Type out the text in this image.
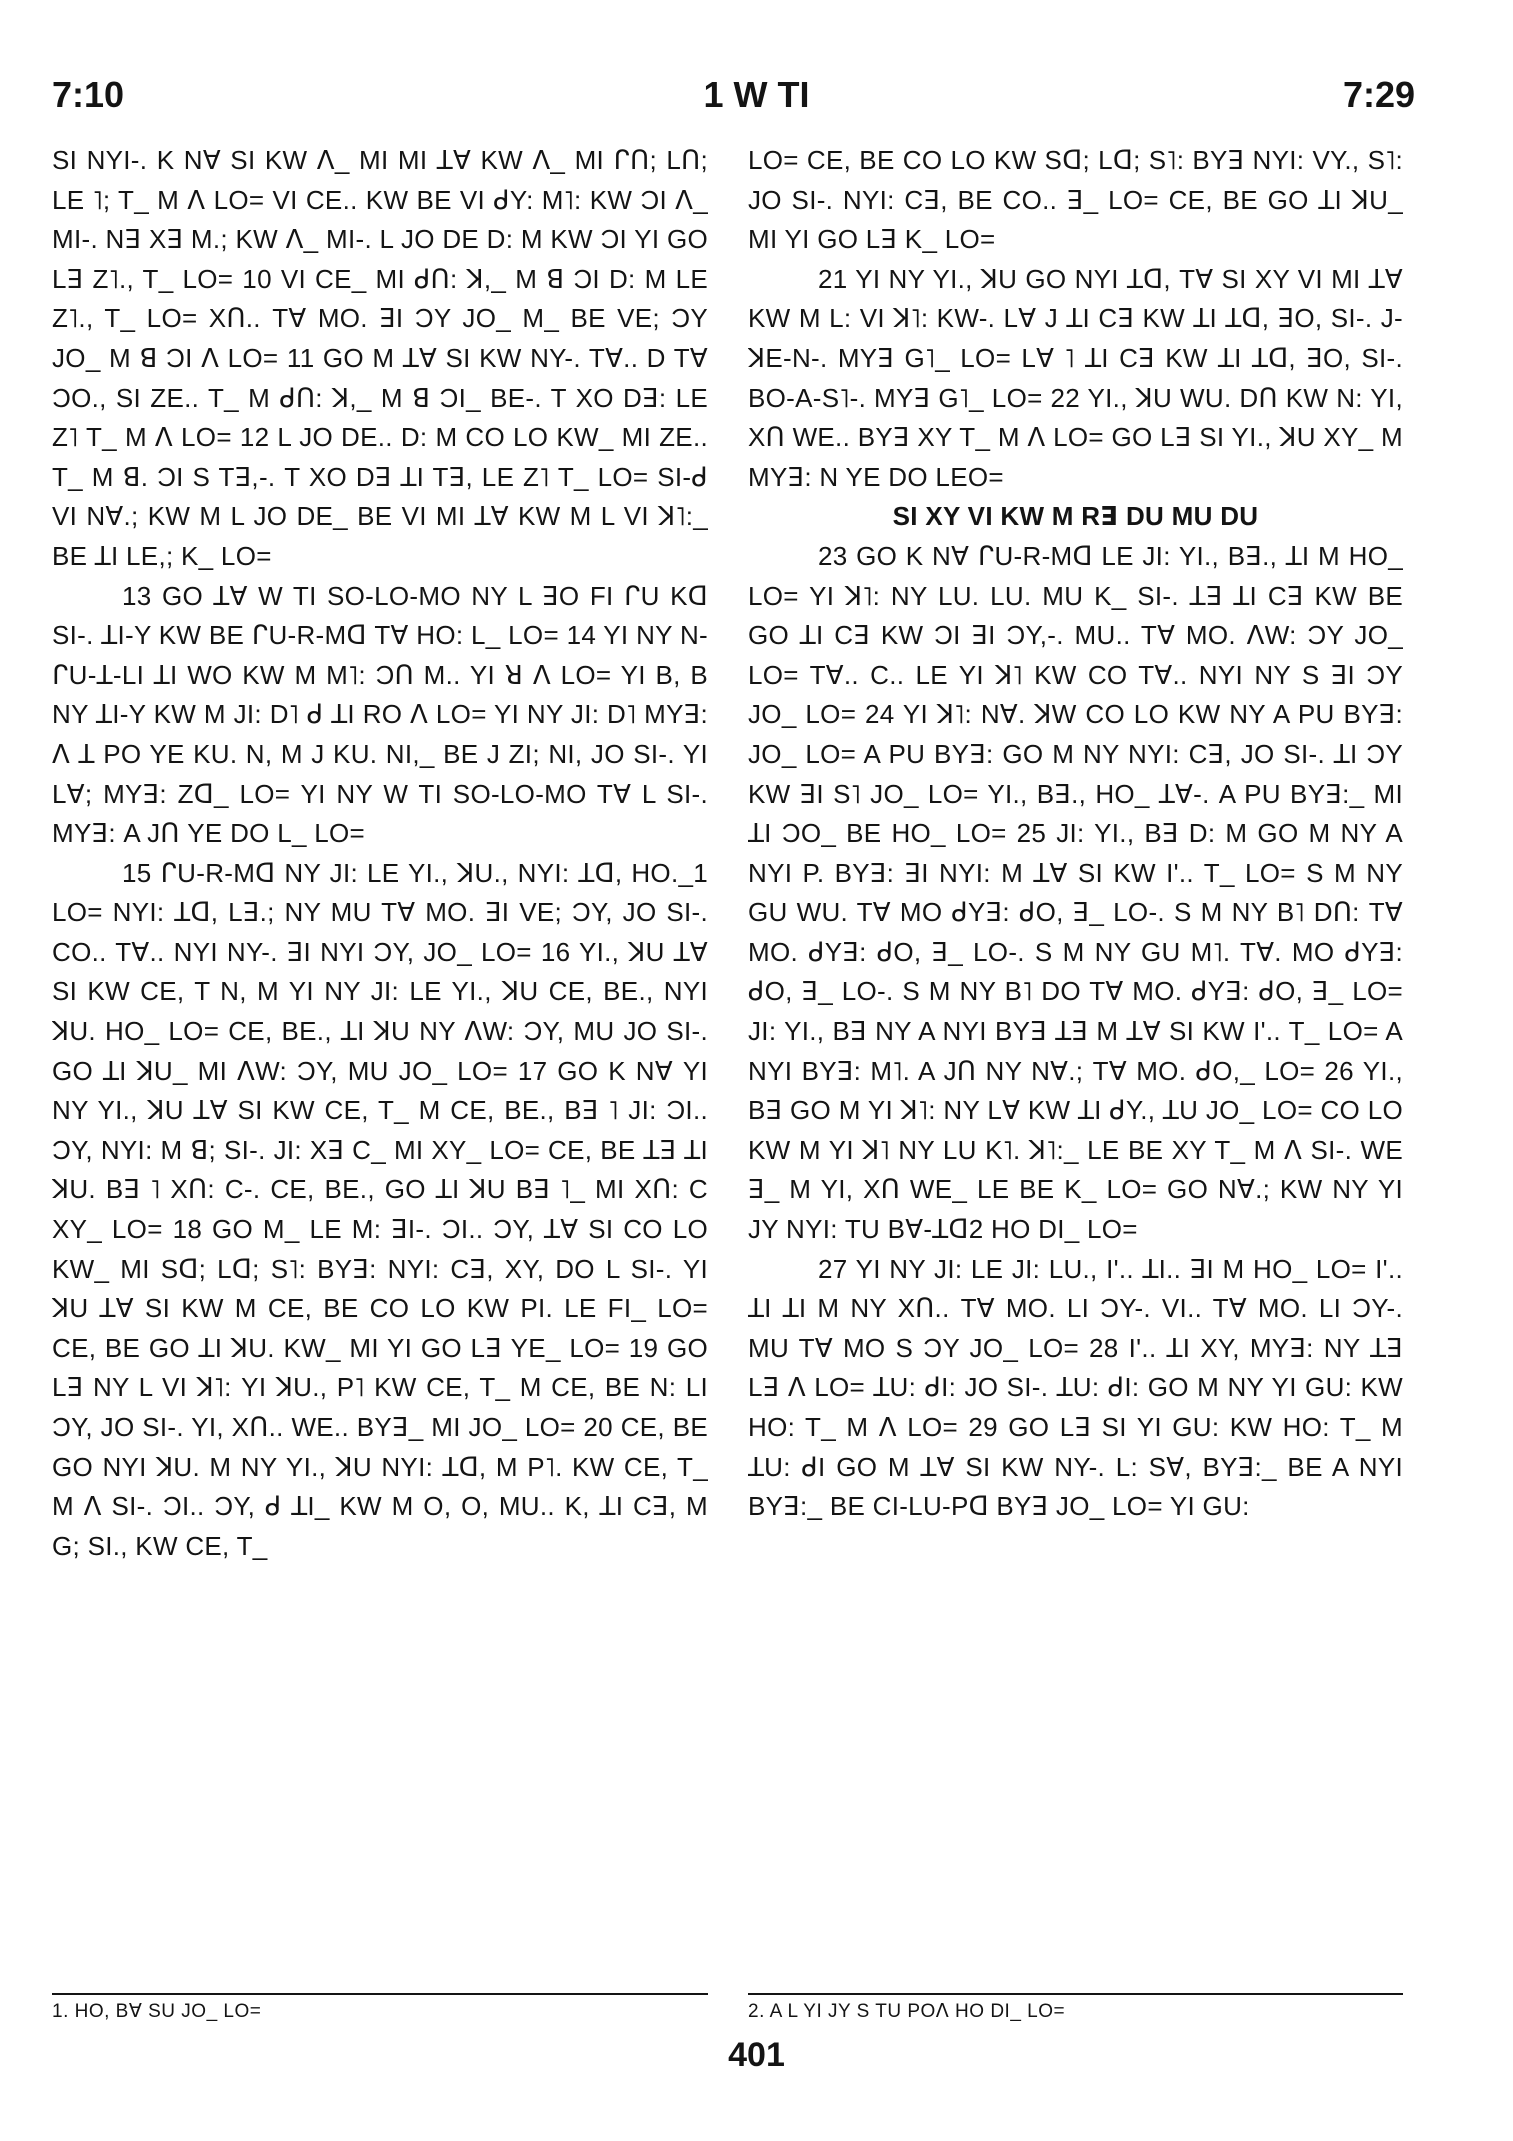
7:10	1 W TI	7:29

SI NYI-. K Nꓯ SI KW ꓥ_ MI MI ꓕꓯ KW ꓥ_ MI ᒋᑎ; Lᑎ; LE ˥; T_ M ꓥ LO= VI CE.. KW BE VI ᑯY: M˥: KW ƆI ꓥ_ MI-. Nꓱ Xꓱ M.; KW ꓥ_ MI-. L JO DE D: M KW ƆI YI GO Lꓱ Z˥., T_ LO= 10 VI CE_ MI ᑯᑎ: ꓘ,_ M ꓭ ƆI D: M LE Z˥., T_ LO= Xᑎ.. Tꓯ MO. ꓱI ƆY JO_ M_ BE VE; ƆY JO_ M ꓭ ƆI ꓥ LO= 11 GO M ꓕꓯ SI KW NY-. Tꓯ.. D Tꓯ ƆO., SI ZE.. T_ M ᑯᑎ: ꓘ,_ M ꓭ ƆI_ BE-. T XO Dꓱ: LE Z˥ T_ M ꓥ LO= 12 L JO DE.. D: M CO LO KW_ MI ZE.. T_ M ꓭ. ƆI S Tꓱ,-. T XO Dꓱ ꓕI Tꓱ, LE Z˥ T_ LO= SI-ᑯ VI Nꓯ.; KW M L JO DE_ BE VI MI ꓕꓯ KW M L VI ꓘ˥:_ BE ꓕI LE,; K_ LO=

13 GO ꓕꓯ W TI SO-LO-MO NY L ꓱO FI ᒋU Kᗡ SI-. ꓕI-Y KW BE ᒋU-R-Mᗡ Tꓯ HO: L_ LO= 14 YI NY N-ᒋU-ꓕ-LI ꓕI WO KW M M˥: Ɔᑎ M.. YI ꓤ ꓥ LO= YI B, B NY ꓕI-Y KW M JI: D˥ ᑯ ꓕI RO ꓥ LO= YI NY JI: D˥ MYꓱ: ꓥ ꓕ PO YE KU. N, M J KU. NI,_ BE J ZI; NI, JO SI-. YI Lꓯ; MYꓱ: Zᗡ_ LO= YI NY W TI SO-LO-MO Tꓯ L SI-. MYꓱ: A Jᑎ YE DO L_ LO=

15 ᒋU-R-Mᗡ NY JI: LE YI., ꓘU., NYI: ꓕᗡ, HO._1 LO= NYI: ꓕᗡ, Lꓱ.; NY MU Tꓯ MO. ꓱI VE; ƆY, JO SI-. CO.. Tꓯ.. NYI NY-. ꓱI NYI ƆY, JO_ LO= 16 YI., ꓘU ꓕꓯ SI KW CE, T N, M YI NY JI: LE YI., ꓘU CE, BE., NYI ꓘU. HO_ LO= CE, BE., ꓕI ꓘU NY ꓥW: ƆY, MU JO SI-. GO ꓕI ꓘU_ MI ꓥW: ƆY, MU JO_ LO= 17 GO K Nꓯ YI NY YI., ꓘU ꓕꓯ SI KW CE, T_ M CE, BE., Bꓱ ˥ JI: ƆI.. ƆY, NYI: M ꓭ; SI-. JI: Xꓱ C_ MI XY_ LO= CE, BE ꓕꓱ ꓕI ꓘU. Bꓱ ˥ Xᑎ: C-. CE, BE., GO ꓕI ꓘU Bꓱ ˥_ MI Xᑎ: C XY_ LO= 18 GO M_ LE M: ꓱI-. ƆI.. ƆY, ꓕꓯ SI CO LO KW_ MI Sᗡ; Lᗡ; S˥: BYꓱ: NYI: Cꓱ, XY, DO L SI-. YI ꓘU ꓕꓯ SI KW M CE, BE CO LO KW PI. LE FI_ LO= CE, BE GO ꓕI ꓘU. KW_ MI YI GO Lꓱ YE_ LO= 19 GO Lꓱ NY L VI ꓘ˥: YI ꓘU., P˥ KW CE, T_ M CE, BE N: LI ƆY, JO SI-. YI, Xᑎ.. WE.. BYꓱ_ MI JO_ LO= 20 CE, BE GO NYI ꓘU. M NY YI., ꓘU NYI: ꓕᗡ, M P˥. KW CE, T_ M ꓥ SI-. ƆI.. ƆY, ᑯ ꓕI_ KW M O, O, MU.. K, ꓕI Cꓱ, M G; SI., KW CE, T_

LO= CE, BE CO LO KW Sᗡ; Lᗡ; S˥: BYꓱ NYI: VY., S˥: JO SI-. NYI: Cꓱ, BE CO.. ꓱ_ LO= CE, BE GO ꓕI ꓘU_ MI YI GO Lꓱ K_ LO=

21 YI NY YI., ꓘU GO NYI ꓕᗡ, Tꓯ SI XY VI MI ꓕꓯ KW M L: VI ꓘ˥: KW-. Lꓯ J ꓕI Cꓱ KW ꓕI ꓕᗡ, ꓱO, SI-. J-ꓘE-N-. MYꓱ G˥_ LO= Lꓯ ˥ ꓕI Cꓱ KW ꓕI ꓕᗡ, ꓱO, SI-. BO-A-S˥-. MYꓱ G˥_ LO= 22 YI., ꓘU WU. Dᑎ KW N: YI, Xᑎ WE.. BYꓱ XY T_ M ꓥ LO= GO Lꓱ SI YI., ꓘU XY_ M MYꓱ: N YE DO LEO=

SI XY VI KW M Rꓱ DU MU DU

23 GO K Nꓯ ᒋU-R-Mᗡ LE JI: YI., Bꓱ., ꓕI M HO_ LO= YI ꓘ˥: NY LU. LU. MU K_ SI-. ꓕꓱ ꓕI Cꓱ KW BE GO ꓕI Cꓱ KW ƆI ꓱI ƆY,-. MU.. Tꓯ MO. ꓥW: ƆY JO_ LO= Tꓯ.. C.. LE YI ꓘ˥ KW CO Tꓯ.. NYI NY S ꓱI ƆY JO_ LO= 24 YI ꓘ˥: Nꓯ. ꓘW CO LO KW NY A PU BYꓱ: JO_ LO= A PU BYꓱ: GO M NY NYI: Cꓱ, JO SI-. ꓕI ƆY KW ꓱI S˥ JO_ LO= YI., Bꓱ., HO_ ꓕꓯ-. A PU BYꓱ:_ MI ꓕI ƆO_ BE HO_ LO= 25 JI: YI., Bꓱ D: M GO M NY A NYI P. BYꓱ: ꓱI NYI: M ꓕꓯ SI KW I'.. T_ LO= S M NY GU WU. Tꓯ MO ᑯYꓱ: ᑯO, ꓱ_ LO-. S M NY B˥ Dᑎ: Tꓯ MO. ᑯYꓱ: ᑯO, ꓱ_ LO-. S M NY GU M˥. Tꓯ. MO ᑯYꓱ: ᑯO, ꓱ_ LO-. S M NY B˥ DO Tꓯ MO. ᑯYꓱ: ᑯO, ꓱ_ LO= JI: YI., Bꓱ NY A NYI BYꓱ ꓕꓱ M ꓕꓯ SI KW I'.. T_ LO= A NYI BYꓱ: M˥. A Jᑎ NY Nꓯ.; Tꓯ MO. ᑯO,_ LO= 26 YI., Bꓱ GO M YI ꓘ˥: NY Lꓯ KW ꓕI ᑯY., ꓕU JO_ LO= CO LO KW M YI ꓘ˥ NY LU K˥. ꓘ˥:_ LE BE XY T_ M ꓥ SI-. WE ꓱ_ M YI, Xᑎ WE_ LE BE K_ LO= GO Nꓯ.; KW NY YI JY NYI: TU Bꓯ-ꓕᗡ2 HO DI_ LO=

27 YI NY JI: LE JI: LU., I'.. ꓕI.. ꓱI M HO_ LO= I'.. ꓕI ꓕI M NY Xᑎ.. Tꓯ MO. LI ƆY-. VI.. Tꓯ MO. LI ƆY-. MU Tꓯ MO S ƆY JO_ LO= 28 I'.. ꓕI XY, MYꓱ: NY ꓕꓱ Lꓱ ꓥ LO= ꓕU: ᑯI: JO SI-. ꓕU: ᑯI: GO M NY YI GU: KW HO: T_ M ꓥ LO= 29 GO Lꓱ SI YI GU: KW HO: T_ M ꓕU: ᑯI GO M ꓕꓯ SI KW NY-. L: Sꓯ, BYꓱ:_ BE A NYI BYꓱ:_ BE CI-LU-Pᗡ BYꓱ JO_ LO= YI GU:

1. HO, Bꓯ SU JO_ LO=	2. A L YI JY S TU POꓥ HO DI_ LO=
401
